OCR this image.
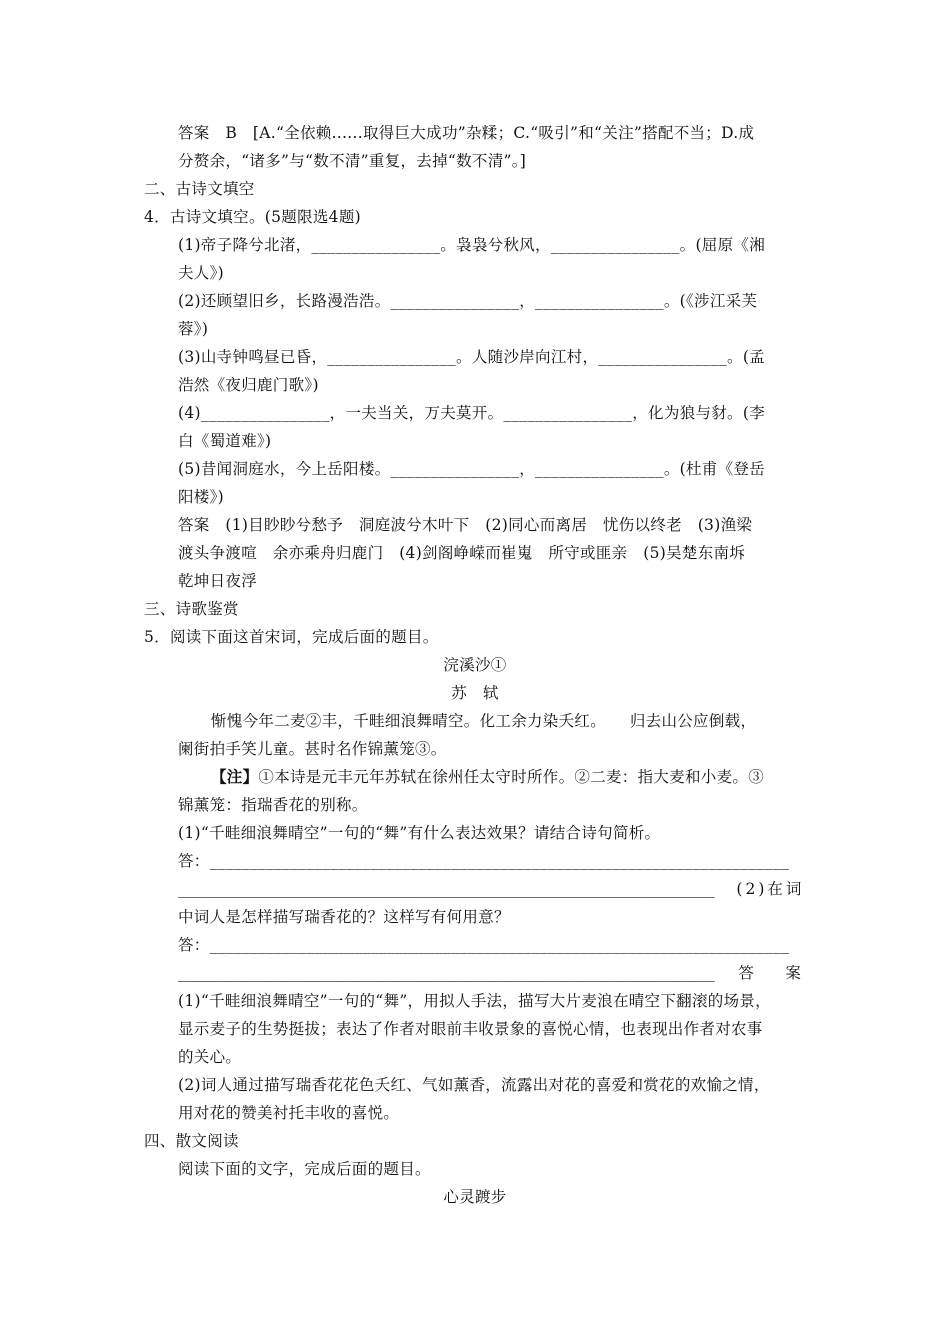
答案　B　[A.“全依赖......取得巨大成功”杂糅；C.“吸引”和“关注”搭配不当；D.成
分赘余，“诸多”与“数不清”重复，去掉“数不清”。]
二、古诗文填空
4．古诗文填空。(5题限选4题)
(1)帝子降兮北渚，________________。袅袅兮秋风，________________。(屈原《湘
夫人》)
(2)还顾望旧乡，长路漫浩浩。________________，________________。(《涉江采芙
蓉》)
(3)山寺钟鸣昼已昏，________________。人随沙岸向江村，________________。(孟
浩然《夜归鹿门歌》)
(4)________________，一夫当关，万夫莫开。________________，化为狼与豺。(李
白《蜀道难》)
(5)昔闻洞庭水，今上岳阳楼。________________，________________。(杜甫《登岳
阳楼》)
答案　(1)目眇眇兮愁予　洞庭波兮木叶下　(2)同心而离居　忧伤以终老　(3)渔梁
渡头争渡喧　余亦乘舟归鹿门　(4)剑阁峥嵘而崔嵬　所守或匪亲　(5)吴楚东南坼
乾坤日夜浮
三、诗歌鉴赏
5．阅读下面这首宋词，完成后面的题目。
浣溪沙①
苏　轼
惭愧今年二麦②丰，千畦细浪舞晴空。化工余力染夭红。　　归去山公应倒载，
阑街拍手笑儿童。甚时名作锦薰笼③。
【注】①本诗是元丰元年苏轼在徐州任太守时所作。②二麦：指大麦和小麦。③
锦薰笼：指瑞香花的别称。
(1)“千畦细浪舞晴空”一句的“舞”有什么表达效果？请结合诗句简析。
答：________________________________________________________________________
________________________________________________________________________ (2)在词
中词人是怎样描写瑞香花的？这样写有何用意？
答：________________________________________________________________________
________________________________________________________________________ 答　案
(1)“千畦细浪舞晴空”一句的“舞”，用拟人手法，描写大片麦浪在晴空下翻滚的场景，
显示麦子的生势挺拔；表达了作者对眼前丰收景象的喜悦心情，也表现出作者对农事
的关心。
(2)词人通过描写瑞香花花色夭红、气如薰香，流露出对花的喜爱和赏花的欢愉之情，
用对花的赞美衬托丰收的喜悦。
四、散文阅读
阅读下面的文字，完成后面的题目。
心灵踱步
